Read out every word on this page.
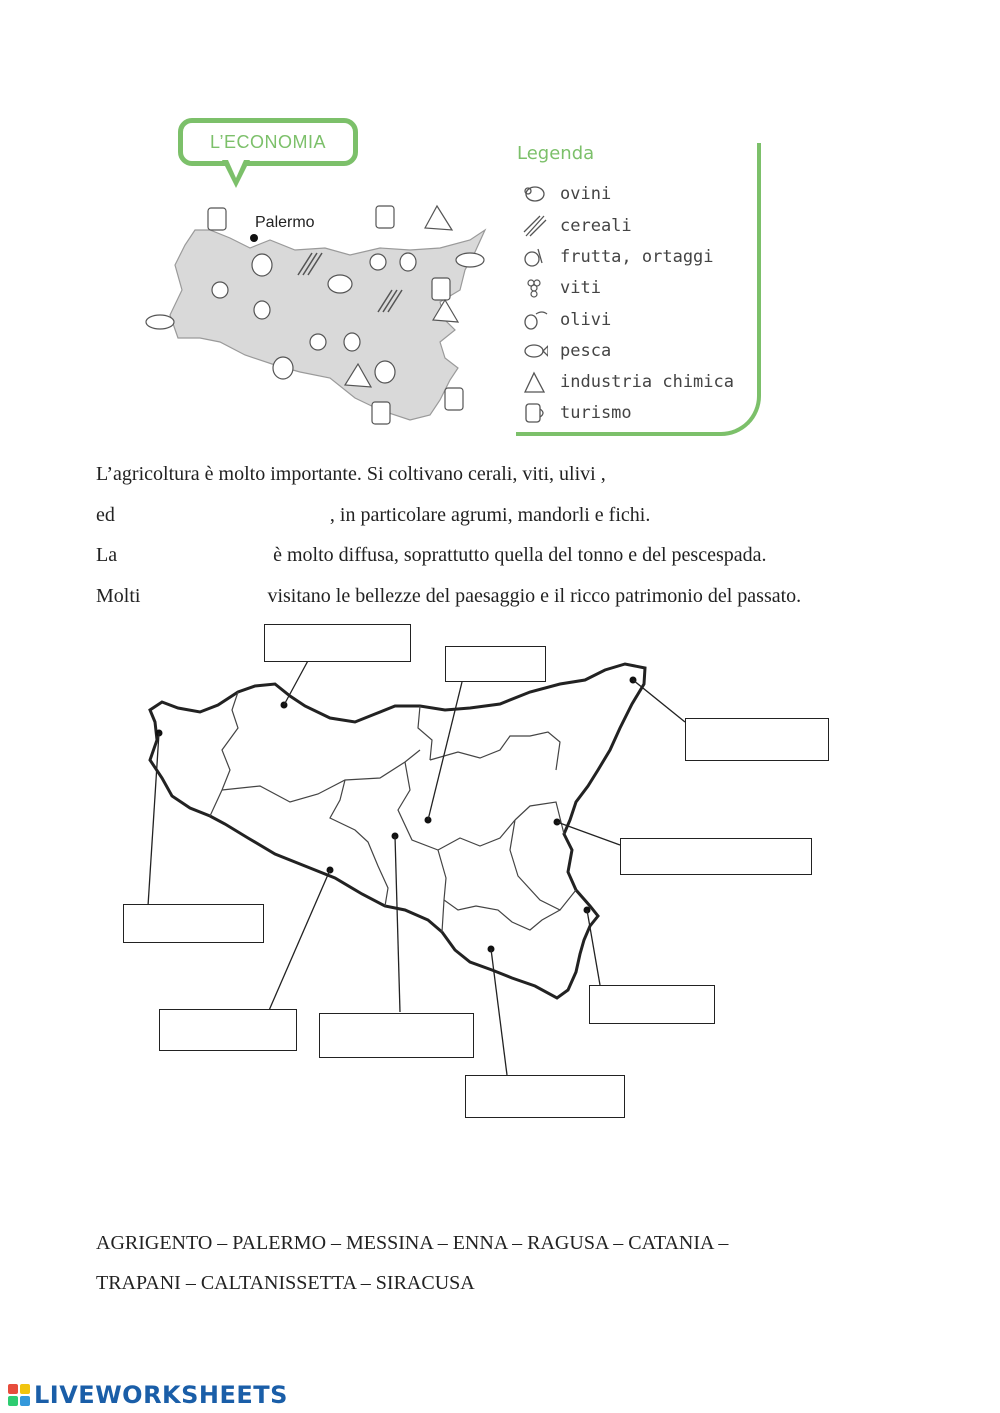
L’ECONOMIA
Palermo
Legenda
ovini
cereali
frutta, ortaggi
viti
olivi
pesca
industria chimica
turismo
L’agricoltura è molto importante. Si coltivano cerali, viti, ulivi ,
ed	, in particolare agrumi, mandorli e fichi.
La	è molto diffusa, soprattutto quella del tonno e del pescespada.
Molti	visitano le bellezze del paesaggio e il ricco patrimonio del passato.
AGRIGENTO – PALERMO – MESSINA – ENNA – RAGUSA – CATANIA –
TRAPANI – CALTANISSETTA – SIRACUSA
LIVEWORKSHEETS
